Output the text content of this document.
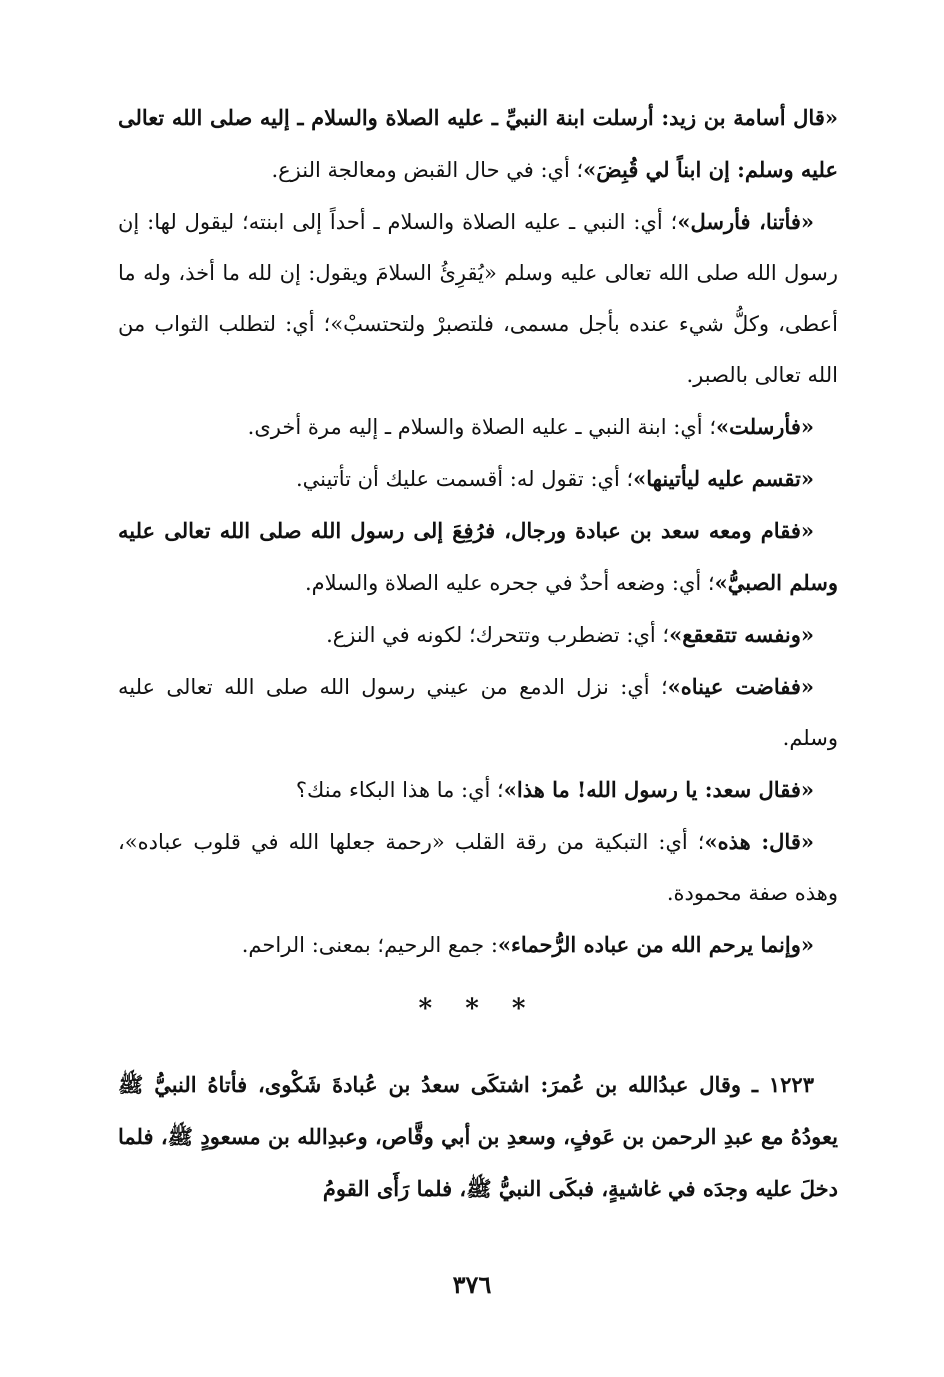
«قال أسامة بن زيد: أرسلت ابنة النبيِّ ـ عليه الصلاة والسلام ـ إليه صلى الله تعالى عليه وسلم: إن ابناً لي قُبِضَ»؛ أي: في حال القبض ومعالجة النزع.

«فأتنا، فأرسل»؛ أي: النبي ـ عليه الصلاة والسلام ـ أحداً إلى ابنته؛ ليقول لها: إن رسول الله صلى الله تعالى عليه وسلم «يُقرِئُ السلامَ ويقول: إن لله ما أخذ، وله ما أعطى، وكلُّ شيء عنده بأجل مسمى، فلتصبرْ ولتحتسبْ»؛ أي: لتطلب الثواب من الله تعالى بالصبر.

«فأرسلت»؛ أي: ابنة النبي ـ عليه الصلاة والسلام ـ إليه مرة أخرى.

«تقسم عليه ليأتينها»؛ أي: تقول له: أقسمت عليك أن تأتيني.

«فقام ومعه سعد بن عبادة ورجال، فرُفِعَ إلى رسول الله صلى الله تعالى عليه وسلم الصبيُّ»؛ أي: وضعه أحدٌ في جحره عليه الصلاة والسلام.

«ونفسه تتقعقع»؛ أي: تضطرب وتتحرك؛ لكونه في النزع.

«ففاضت عيناه»؛ أي: نزل الدمع من عيني رسول الله صلى الله تعالى عليه وسلم.

«فقال سعد: يا رسول الله! ما هذا»؛ أي: ما هذا البكاء منك؟

«قال: هذه»؛ أي: التبكية من رقة القلب «رحمة جعلها الله في قلوب عباده»، وهذه صفة محمودة.

«وإنما يرحم الله من عباده الرُّحماء»: جمع الرحيم؛ بمعنى: الراحم.

* * *

١٢٢٣ ـ وقال عبدُالله بن عُمرَ: اشتكَى سعدُ بن عُبادةَ شَكْوى، فأتاهُ النبيُّ ﷺ يعودُهُ مع عبدِ الرحمن بن عَوفٍ، وسعدِ بن أبي وقَّاص، وعبدِالله بن مسعودٍ ﷺ، فلما دخلَ عليه وجدَه في غاشيةٍ، فبكَى النبيُّ ﷺ، فلما رَأَى القومُ

٣٧٦
